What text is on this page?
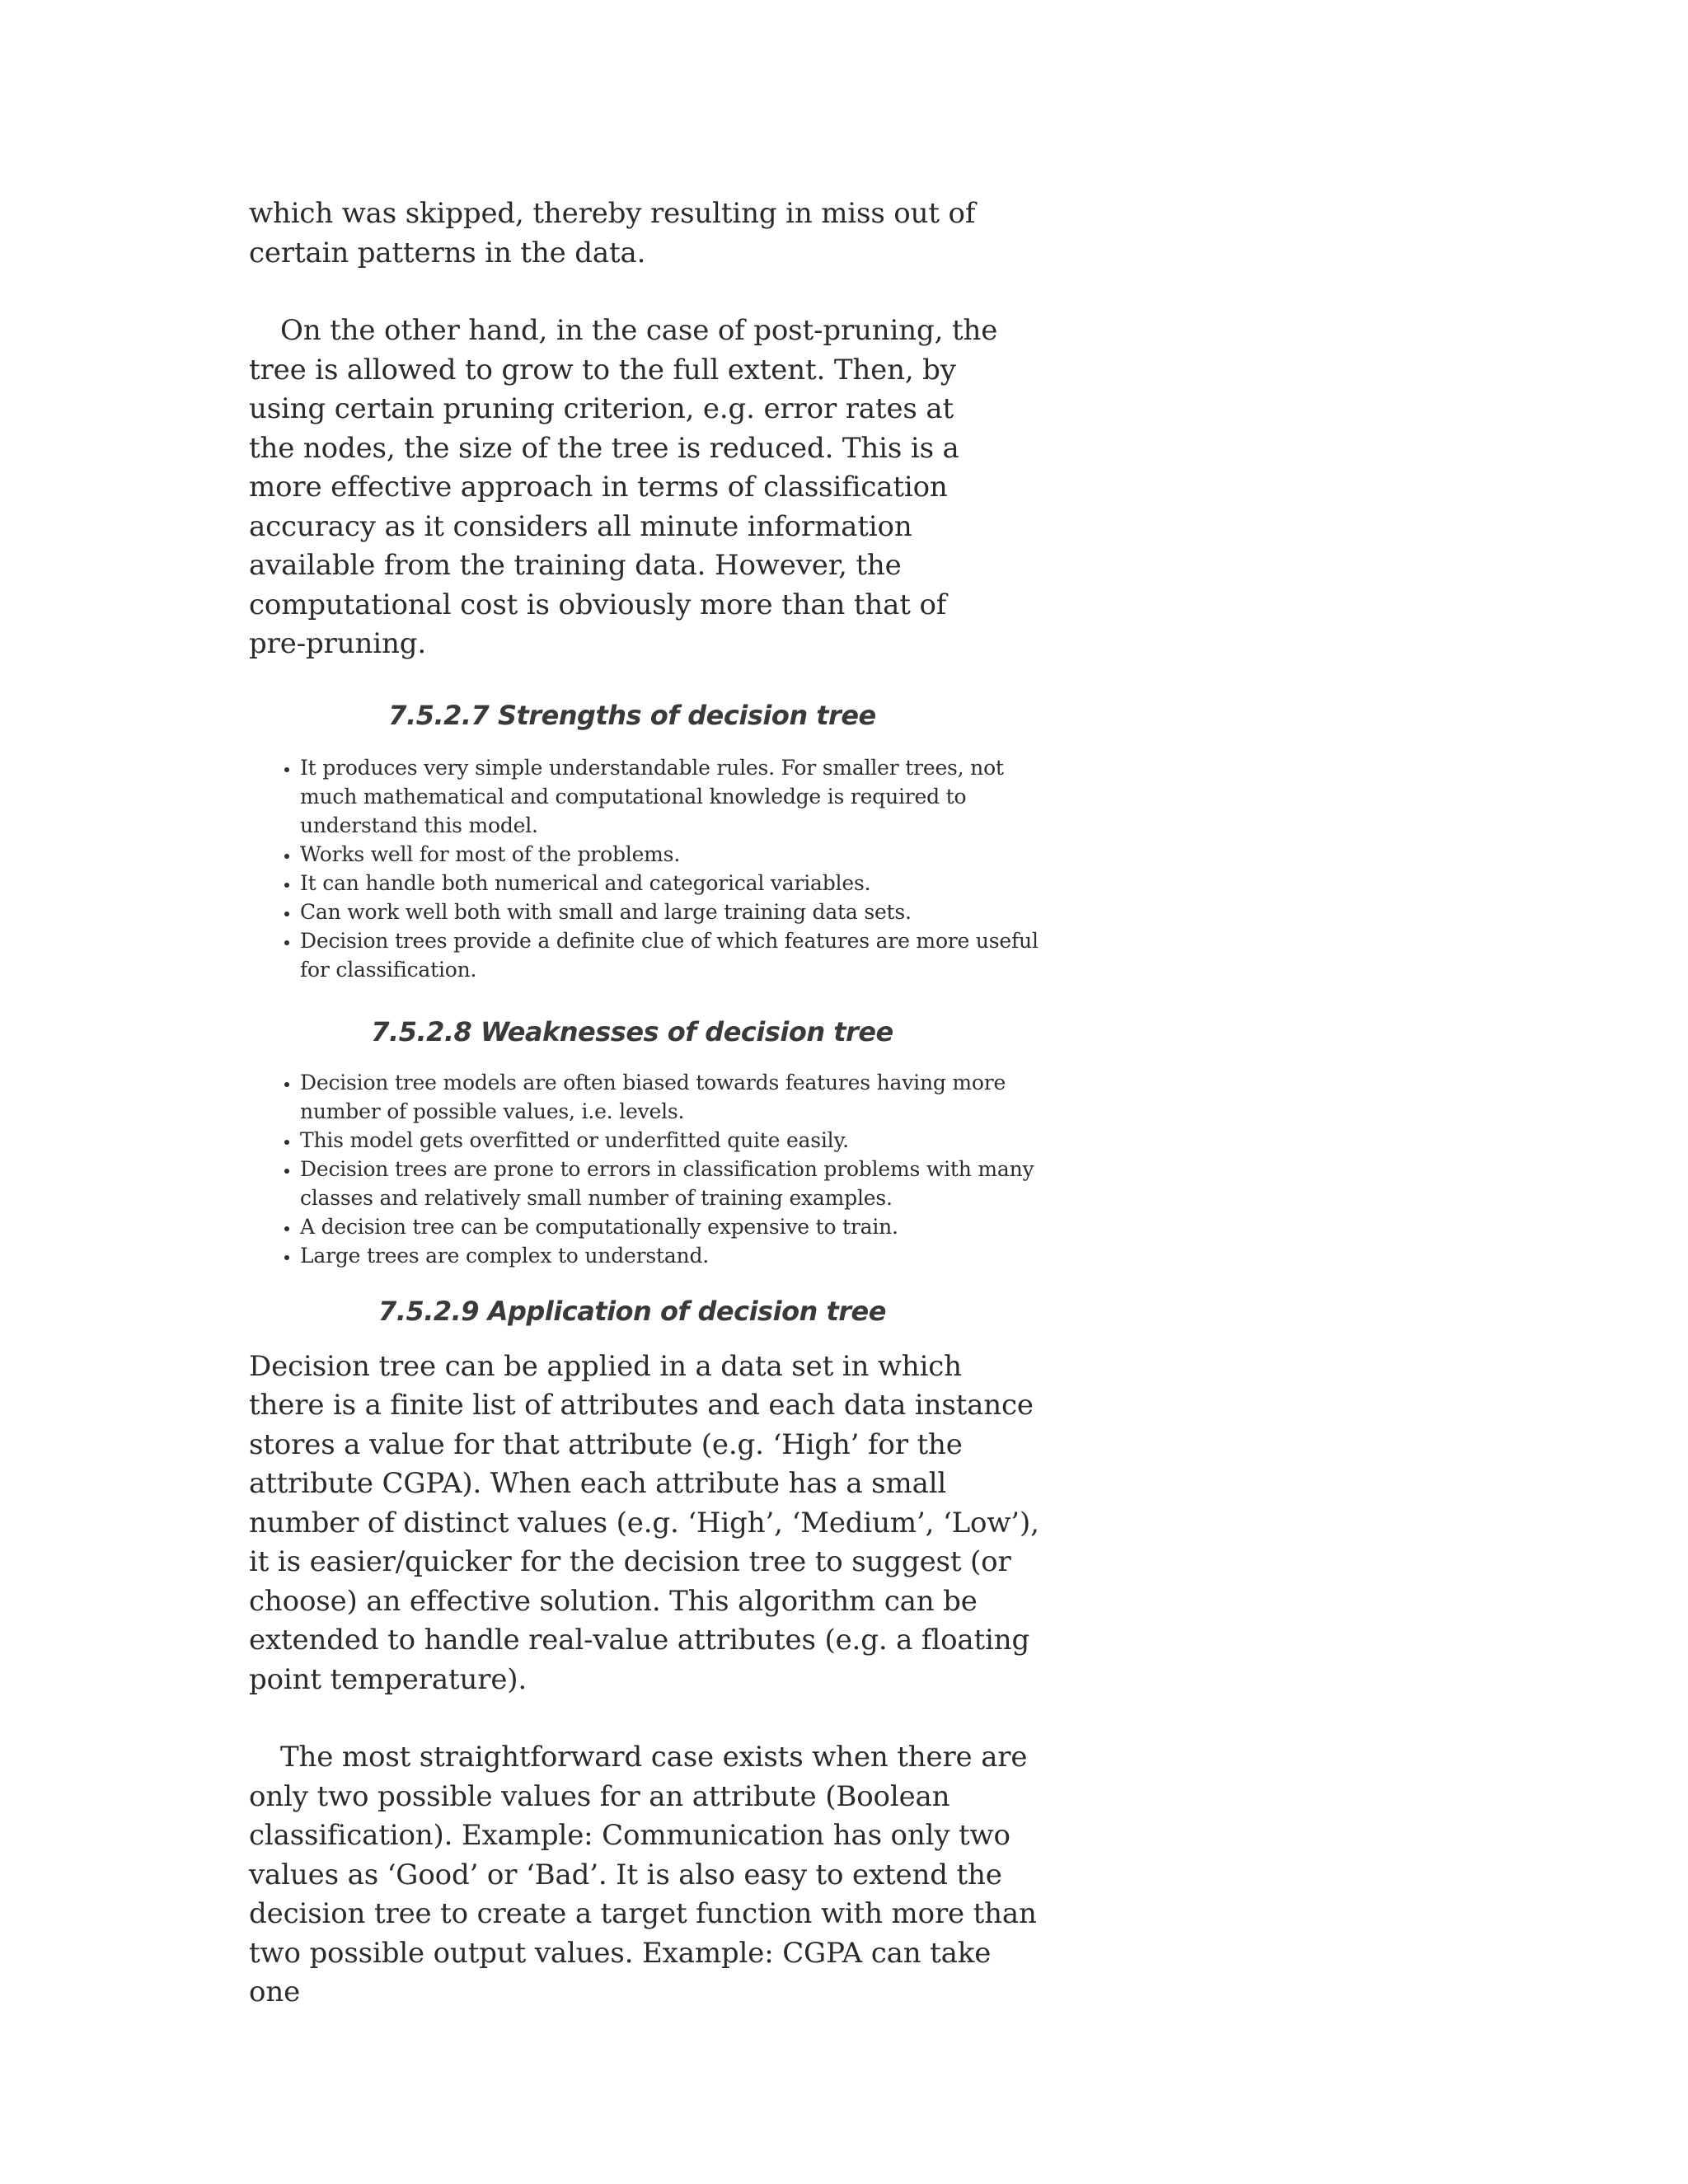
which was skipped, thereby resulting in miss out of certain patterns in the data.

On the other hand, in the case of post-pruning, the tree is allowed to grow to the full extent. Then, by using certain pruning criterion, e.g. error rates at the nodes, the size of the tree is reduced. This is a more effective approach in terms of classification accuracy as it considers all minute information available from the training data. However, the computational cost is obviously more than that of pre-pruning.

7.5.2.7 Strengths of decision tree
• It produces very simple understandable rules. For smaller trees, not much mathematical and computational knowledge is required to understand this model.
• Works well for most of the problems.
• It can handle both numerical and categorical variables.
• Can work well both with small and large training data sets.
• Decision trees provide a definite clue of which features are more useful for classification.
7.5.2.8 Weaknesses of decision tree
• Decision tree models are often biased towards features having more number of possible values, i.e. levels.
• This model gets overfitted or underfitted quite easily.
• Decision trees are prone to errors in classification problems with many classes and relatively small number of training examples.
• A decision tree can be computationally expensive to train.
• Large trees are complex to understand.
7.5.2.9 Application of decision tree

Decision tree can be applied in a data set in which there is a finite list of attributes and each data instance stores a value for that attribute (e.g. ‘High’ for the attribute CGPA). When each attribute has a small number of distinct values (e.g. ‘High’, ‘Medium’, ‘Low’), it is easier/quicker for the decision tree to suggest (or choose) an effective solution. This algorithm can be extended to handle real-value attributes (e.g. a floating point temperature).

The most straightforward case exists when there are only two possible values for an attribute (Boolean classification). Example: Communication has only two values as ‘Good’ or ‘Bad’. It is also easy to extend the decision tree to create a target function with more than two possible output values. Example: CGPA can take one
